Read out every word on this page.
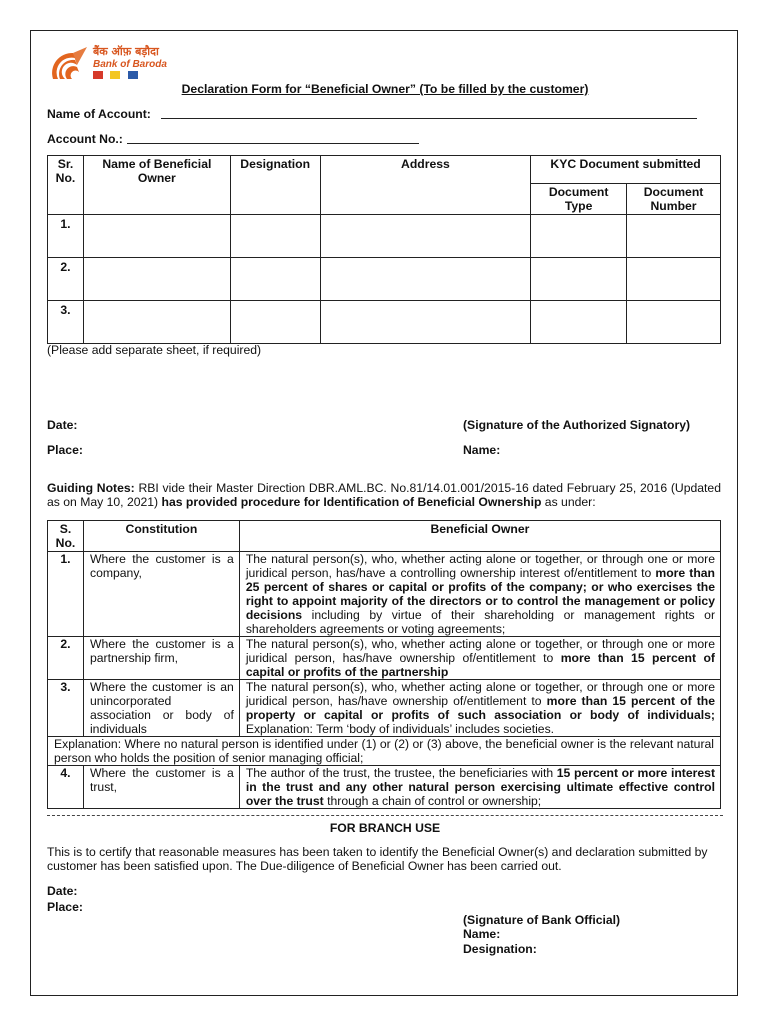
बैंक ऑफ़ बड़ौदा
Bank of Baroda

Declaration Form for “Beneficial Owner” (To be filled by the customer)
Name of Account:
Account No.:
Sr. No.	Name of Beneficial Owner	Designation	Address	KYC Document submitted	
				Document Type	Document Number
1.					
2.					
3.					
(Please add separate sheet, if required)
Date:	(Signature of the Authorized Signatory)
Place:	Name:
Guiding Notes: RBI vide their Master Direction DBR.AML.BC. No.81/14.01.001/2015-16 dated February 25, 2016 (Updated as on May 10, 2021) has provided procedure for Identification of Beneficial Ownership as under:
S. No.	Constitution	Beneficial Owner
1.	Where the customer is a company,	The natural person(s), who, whether acting alone or together, or through one or more juridical person, has/have a controlling ownership interest of/entitlement to more than 25 percent of shares or capital or profits of the company; or who exercises the right to appoint majority of the directors or to control the management or policy decisions including by virtue of their shareholding or management rights or shareholders agreements or voting agreements;
2.	Where the customer is a partnership firm,	The natural person(s), who, whether acting alone or together, or through one or more juridical person, has/have ownership of/entitlement to more than 15 percent of capital or profits of the partnership
3.	Where the customer is an unincorporated association or body of individuals	The natural person(s), who, whether acting alone or together, or through one or more juridical person, has/have ownership of/entitlement to more than 15 percent of the property or capital or profits of such association or body of individuals; Explanation: Term ‘body of individuals’ includes societies.
Explanation: Where no natural person is identified under (1) or (2) or (3) above, the beneficial owner is the relevant natural person who holds the position of senior managing official;		
4.	Where the customer is a trust,	The author of the trust, the trustee, the beneficiaries with 15 percent or more interest in the trust and any other natural person exercising ultimate effective control over the trust through a chain of control or ownership;
FOR BRANCH USE
This is to certify that reasonable measures has been taken to identify the Beneficial Owner(s) and declaration submitted by customer has been satisfied upon. The Due-diligence of Beneficial Owner has been carried out.
Date:
Place:
(Signature of Bank Official)
Name:
Designation:
